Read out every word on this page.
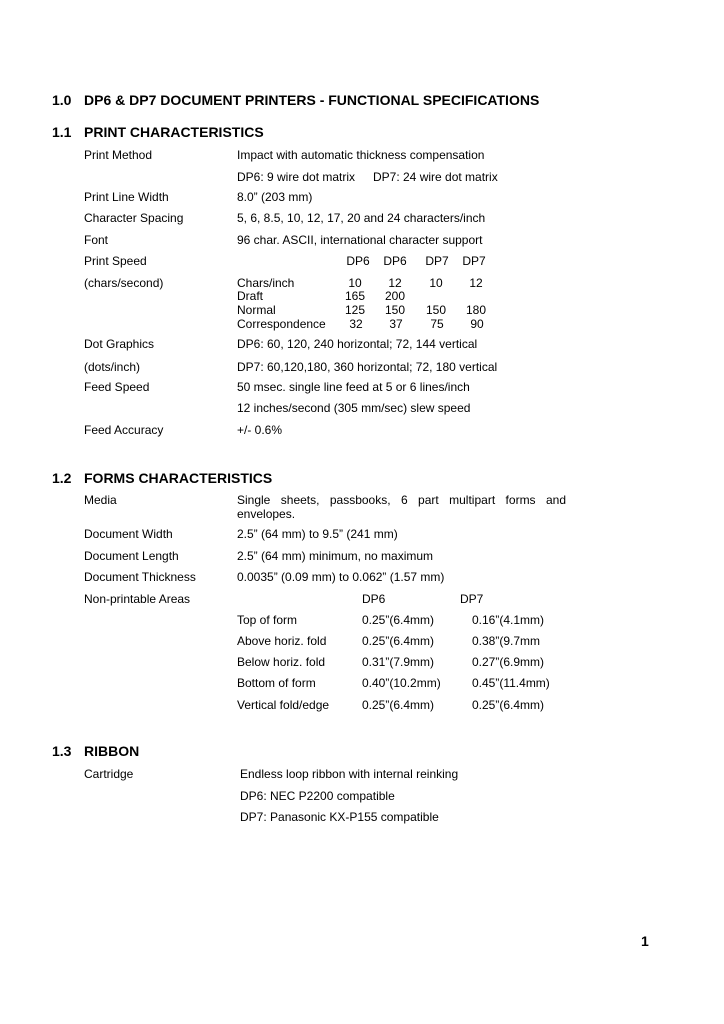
1.0 DP6 & DP7 DOCUMENT PRINTERS - FUNCTIONAL SPECIFICATIONS
1.1 PRINT CHARACTERISTICS
Print Method	Impact with automatic thickness compensation
DP6: 9 wire dot matrix DP7: 24 wire dot matrix
Print Line Width	8.0” (203 mm)
Character Spacing	5, 6, 8.5, 10, 12, 17, 20 and 24 characters/inch
Font	96 char. ASCII, international character support
Print Speed	DP6 DP6 DP7 DP7
(chars/second)	Chars/inch	10	12	10	12
Draft	165	200
Normal	125	150	150	180
Correspondence	32	37	75	90
Dot Graphics	DP6: 60, 120, 240 horizontal; 72, 144 vertical
(dots/inch)	DP7: 60,120,180, 360 horizontal; 72, 180 vertical
Feed Speed	50 msec. single line feed at 5 or 6 lines/inch
12 inches/second (305 mm/sec) slew speed
Feed Accuracy	+/- 0.6%
1.2 FORMS CHARACTERISTICS
Media	Single sheets, passbooks, 6 part multipart forms and envelopes.
Document Width	2.5” (64 mm) to 9.5” (241 mm)
Document Length	2.5” (64 mm) minimum, no maximum
Document Thickness	0.0035” (0.09 mm) to 0.062” (1.57 mm)
Non-printable Areas	DP6	DP7
Top of form	0.25”(6.4mm)	0.16”(4.1mm)
Above horiz. fold	0.25”(6.4mm)	0.38”(9.7mm
Below horiz. fold	0.31”(7.9mm)	0.27”(6.9mm)
Bottom of form	0.40”(10.2mm)	0.45”(11.4mm)
Vertical fold/edge	0.25”(6.4mm)	0.25”(6.4mm)
1.3 RIBBON
Cartridge	Endless loop ribbon with internal reinking
DP6: NEC P2200 compatible
DP7: Panasonic KX-P155 compatible
1
